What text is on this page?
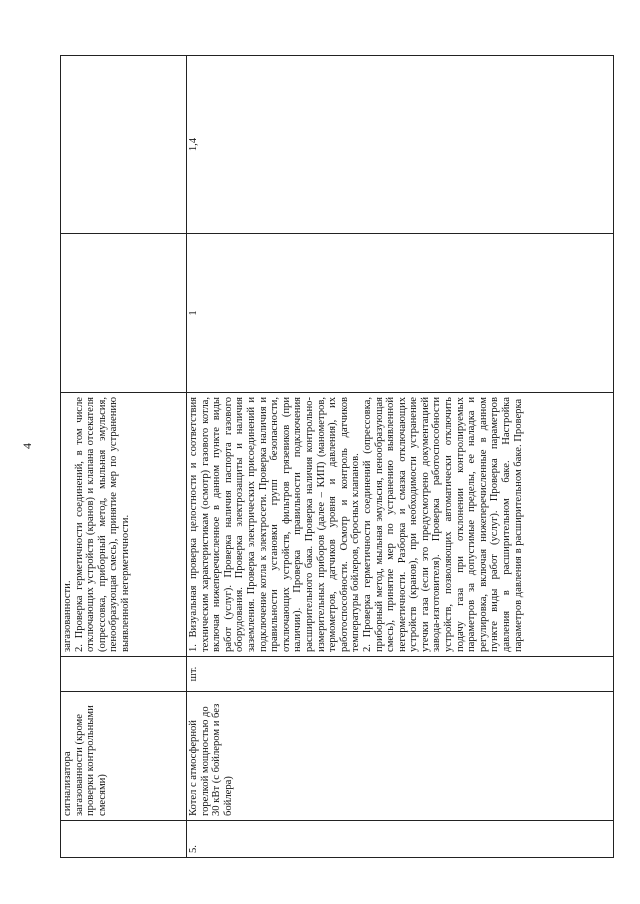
4
	сигнализатора загазованности (кроме проверки контрольными смесями)		загазованности. 2. Проверка герметичности соединений, в том числе отключающих устройств (кранов) и клапана отсекателя (опрессовка, приборный метод, мыльная эмульсия, пенообразующая смесь), принятие мер по устранению выявленной негерметичности.		

5.	Котел с атмосферной горелкой мощностью до 30 кВт (с бойлером и без бойлера)	шт.	1. Визуальная проверка целостности и соответствия техническим характеристикам (осмотр) газового котла, включая нижеперечисленное в данном пункте виды работ (услуг). Проверка наличия паспорта газового оборудования. Проверка электрозащиты и наличия заземления. Проверка электрических присоединений и подключение котла к электросети. Проверка наличия и правильности установки групп безопасности, отключающих устройств, фильтров грязевиков (при наличии). Проверка правильности подключения расширительного бака. Проверка наличия контрольно-измерительных приборов (далее – КИП) (манометров, термометров, датчиков уровня и давления), их работоспособности. Осмотр и контроль датчиков температуры бойлеров, сбросных клапанов. 2. Проверка герметичности соединений (опрессовка, приборный метод, мыльная эмульсия, пенообразующая смесь), принятие мер по устранению выявленной негерметичности. Разборка и смазка отключающих устройств (кранов), при необходимости устранение утечки газа (если это предусмотрено документацией завода-изготовителя). Проверка работоспособности устройств, позволяющих автоматически отключить подачу газа при отклонении контролируемых параметров за допустимые пределы, ее наладка и регулировка, включая нижеперечисленные в данном пункте виды работ (услуг). Проверка параметров давления в расширительном баке. Настройка параметров давления в расширительном баке. Проверка	1	1,4
